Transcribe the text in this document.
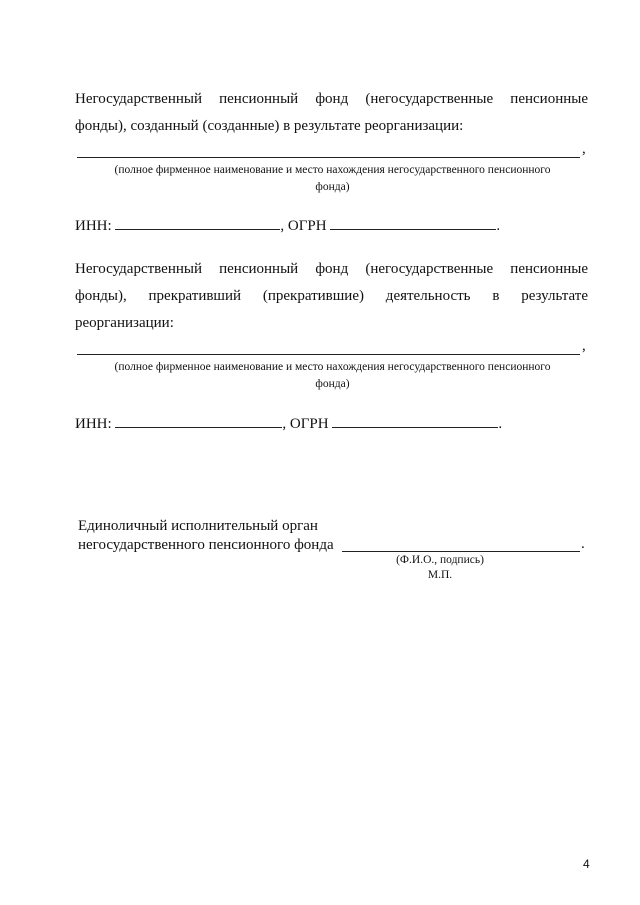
Негосударственный пенсионный фонд (негосударственные пенсионные

фонды), созданный (созданные) в результате реорганизации:

,
(полное фирменное наименование и место нахождения негосударственного пенсионного
фонда)
ИНН:	, ОГРН	.

Негосударственный пенсионный фонд (негосударственные пенсионные

фонды), прекративший (прекратившие) деятельность в результате

реорганизации:

,
(полное фирменное наименование и место нахождения негосударственного пенсионного
фонда)
ИНН:	, ОГРН	.
Единоличный исполнительный орган
негосударственного пенсионного фонда	.
(Ф.И.О., подпись)
М.П.
4
